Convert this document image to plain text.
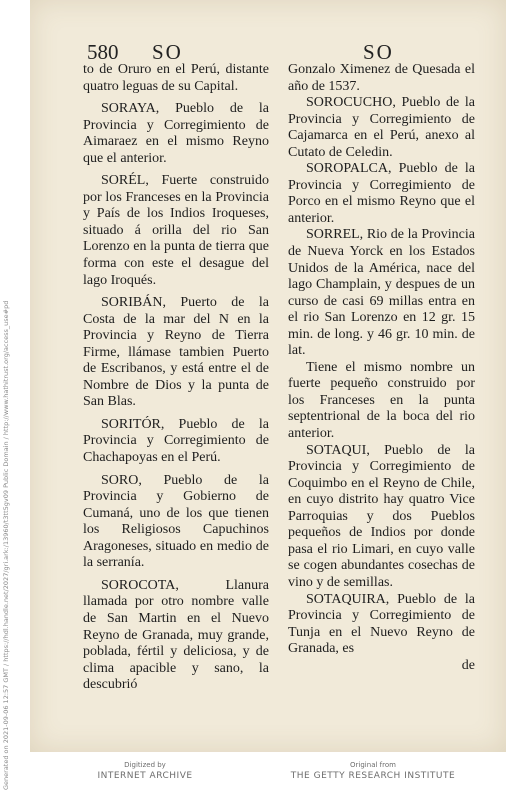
Generated on 2021-09-06 12:57 GMT / https://hdl.handle.net/2027/gri.ark:/13960/t3tt5gv09 Public Domain / http://www.hathitrust.org/access_use#pd
580 SO	SO

to de Oruro en el Perú, distante quatro leguas de su Capital.

SORAYA, Pueblo de la Provincia y Corregimiento de Aimaraez en el mismo Reyno que el anterior.

SORÉL, Fuerte construido por los Franceses en la Provincia y País de los Indios Iroqueses, situado á orilla del rio San Lorenzo en la punta de tierra que forma con este el desague del lago Iroqués.

SORIBÁN, Puerto de la Costa de la mar del N en la Provincia y Reyno de Tierra Firme, llámase tambien Puerto de Escribanos, y está entre el de Nombre de Dios y la punta de San Blas.

SORITÓR, Pueblo de la Provincia y Corregimiento de Chachapoyas en el Perú.

SORO, Pueblo de la Provincia y Gobierno de Cumaná, uno de los que tienen los Religiosos Capuchinos Aragoneses, situado en medio de la serranía.

SOROCOTA, Llanura llamada por otro nombre valle de San Martin en el Nuevo Reyno de Granada, muy grande, poblada, fértil y deliciosa, y de clima apacible y sano, la descubrió

Gonzalo Ximenez de Quesada el año de 1537.

SOROCUCHO, Pueblo de la Provincia y Corregimiento de Cajamarca en el Perú, anexo al Cutato de Celedin.

SOROPALCA, Pueblo de la Provincia y Corregimiento de Porco en el mismo Reyno que el anterior.

SORREL, Rio de la Provincia de Nueva Yorck en los Estados Unidos de la América, nace del lago Champlain, y despues de un curso de casi 69 millas entra en el rio San Lorenzo en 12 gr. 15 min. de long. y 46 gr. 10 min. de lat.

Tiene el mismo nombre un fuerte pequeño construido por los Franceses en la punta septentrional de la boca del rio anterior.

SOTAQUI, Pueblo de la Provincia y Corregimiento de Coquimbo en el Reyno de Chile, en cuyo distrito hay quatro Vice Parroquias y dos Pueblos pequeños de Indios por donde pasa el rio Limari, en cuyo valle se cogen abundantes cosechas de vino y de semillas.

SOTAQUIRA, Pueblo de la Provincia y Corregimiento de Tunja en el Nuevo Reyno de Granada, es

de
Digitized by
INTERNET ARCHIVE
Original from
THE GETTY RESEARCH INSTITUTE
